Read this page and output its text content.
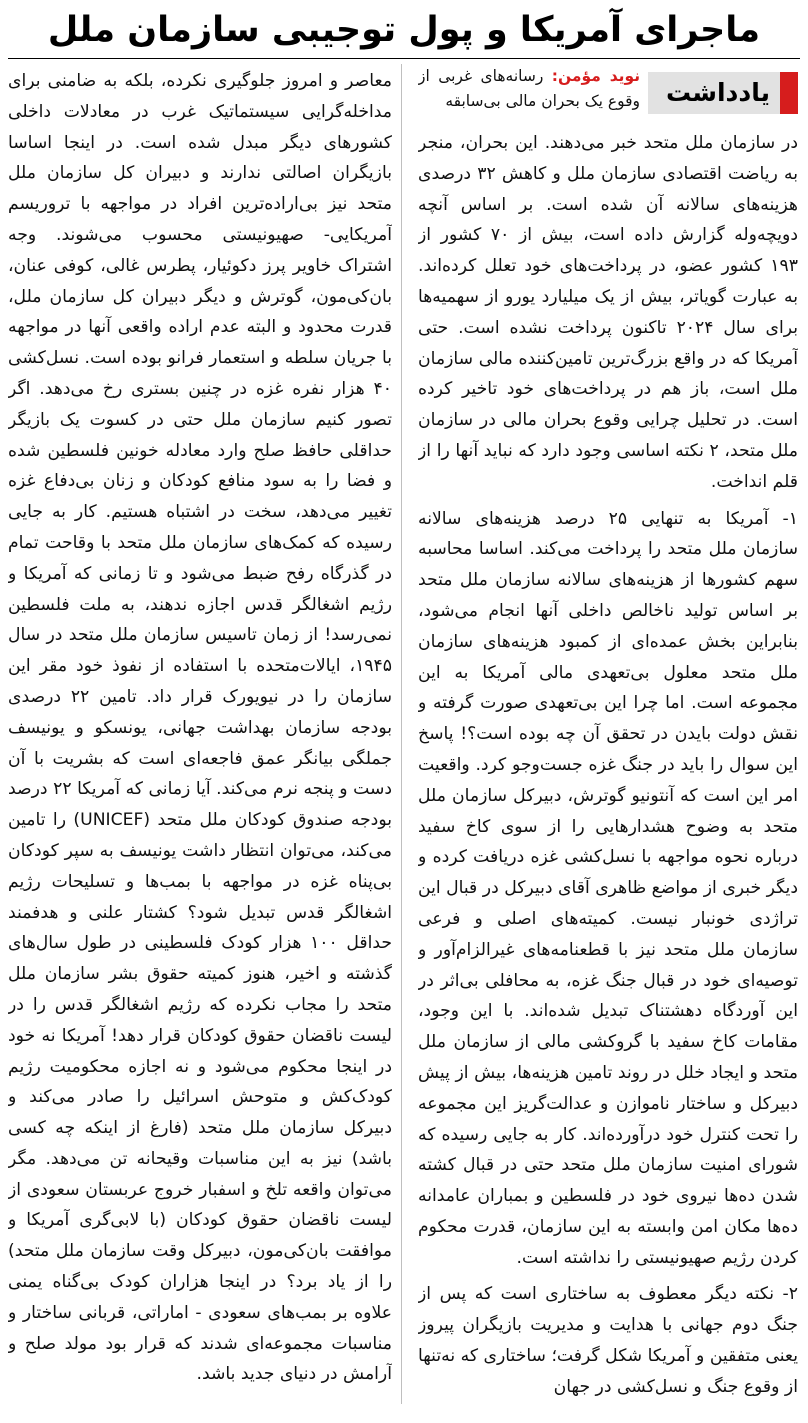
ماجرای آمریکا و پول توجیبی سازمان ملل
یادداشت
نوید مؤمن: رسانه‌های غربی از وقوع یک بحران مالی بی‌سابقه

در سازمان ملل متحد خبر می‌دهند. این بحران، منجر به ریاضت اقتصادی سازمان ملل و کاهش ۳۲ درصدی هزینه‌های سالانه آن شده است. بر اساس آنچه دویچه‌وله گزارش داده است، بیش از ۷۰ کشور از ۱۹۳ کشور عضو، در پرداخت‌های خود تعلل کرده‌اند. به عبارت گویاتر، بیش از یک میلیارد یورو از سهمیه‌ها برای سال ۲۰۲۴ تاکنون پرداخت نشده است. حتی آمریکا که در واقع بزرگ‌ترین تامین‌کننده مالی سازمان ملل است، باز هم در پرداخت‌های خود تاخیر کرده است. در تحلیل چرایی وقوع بحران مالی در سازمان ملل متحد، ۲ نکته اساسی وجود دارد که نباید آنها را از قلم انداخت.

۱- آمریکا به تنهایی ۲۵ درصد هزینه‌های سالانه سازمان ملل متحد را پرداخت می‌کند. اساسا محاسبه سهم کشورها از هزینه‌های سالانه سازمان ملل متحد بر اساس تولید ناخالص داخلی آنها انجام می‌شود، بنابراین بخش عمده‌ای از کمبود هزینه‌های سازمان ملل متحد معلول بی‌تعهدی مالی آمریکا به این مجموعه است. اما چرا این بی‌تعهدی صورت گرفته و نقش دولت بایدن در تحقق آن چه بوده است؟! پاسخ این سوال را باید در جنگ غزه جست‌وجو کرد. واقعیت امر این است که آنتونیو گوترش، دبیرکل سازمان ملل متحد به وضوح هشدارهایی را از سوی کاخ سفید درباره نحوه مواجهه با نسل‌کشی غزه دریافت کرده و دیگر خبری از مواضع ظاهری آقای دبیرکل در قبال این تراژدی خونبار نیست. کمیته‌های اصلی و فرعی سازمان ملل متحد نیز با قطعنامه‌های غیرالزام‌آور و توصیه‌ای خود در قبال جنگ غزه، به محافلی بی‌اثر در این آوردگاه دهشتناک تبدیل شده‌اند. با این وجود، مقامات کاخ سفید با گروکشی مالی از سازمان ملل متحد و ایجاد خلل در روند تامین هزینه‌ها، بیش از پیش دبیرکل و ساختار ناموازن و عدالت‌گریز این مجموعه را تحت کنترل خود درآورده‌اند. کار به جایی رسیده که شورای امنیت سازمان ملل متحد حتی در قبال کشته شدن ده‌ها نیروی خود در فلسطین و بمباران عامدانه ده‌ها مکان امن وابسته به این سازمان، قدرت محکوم کردن رژیم صهیونیستی را نداشته است.

۲- نکته دیگر معطوف به ساختاری است که پس از جنگ دوم جهانی با هدایت و مدیریت بازیگران پیروز یعنی متفقین و آمریکا شکل گرفت؛ ساختاری که نه‌تنها از وقوع جنگ و نسل‌کشی در جهان

معاصر و امروز جلوگیری نکرده، بلکه به ضامنی برای مداخله‌گرایی سیستماتیک غرب در معادلات داخلی کشورهای دیگر مبدل شده است. در اینجا اساسا بازیگران اصالتی ندارند و دبیران کل سازمان ملل متحد نیز بی‌اراده‌ترین افراد در مواجهه با تروریسم آمریکایی- صهیونیستی محسوب می‌شوند. وجه اشتراک خاویر پرز دکوئیار، پطرس غالی، کوفی عنان، بان‌کی‌مون، گوترش و دیگر دبیران کل سازمان ملل، قدرت محدود و البته عدم اراده واقعی آنها در مواجهه با جریان سلطه و استعمار فرانو بوده است. نسل‌کشی ۴۰ هزار نفره غزه در چنین بستری رخ می‌دهد. اگر تصور کنیم سازمان ملل حتی در کسوت یک بازیگر حداقلی حافظ صلح وارد معادله خونین فلسطین شده و فضا را به سود منافع کودکان و زنان بی‌دفاع غزه تغییر می‌دهد، سخت در اشتباه هستیم. کار به جایی رسیده که کمک‌های سازمان ملل متحد با وقاحت تمام در گذرگاه رفح ضبط می‌شود و تا زمانی که آمریکا و رژیم اشغالگر قدس اجازه ندهند، به ملت فلسطین نمی‌رسد! از زمان تاسیس سازمان ملل متحد در سال ۱۹۴۵، ایالات‌متحده با استفاده از نفوذ خود مقر این سازمان را در نیویورک قرار داد. تامین ۲۲ درصدی بودجه سازمان بهداشت جهانی، یونسکو و یونیسف جملگی بیانگر عمق فاجعه‌ای است که بشریت با آن دست و پنجه نرم می‌کند. آیا زمانی که آمریکا ۲۲ درصد بودجه صندوق کودکان ملل متحد (UNICEF) را تامین می‌کند، می‌توان انتظار داشت یونیسف به سپر کودکان بی‌پناه غزه در مواجهه با بمب‌ها و تسلیحات رژیم اشغالگر قدس تبدیل شود؟ کشتار علنی و هدفمند حداقل ۱۰۰ هزار کودک فلسطینی در طول سال‌های گذشته و اخیر، هنوز کمیته حقوق بشر سازمان ملل متحد را مجاب نکرده که رژیم اشغالگر قدس را در لیست ناقضان حقوق کودکان قرار دهد! آمریکا نه خود در اینجا محکوم می‌شود و نه اجازه محکومیت رژیم کودک‌کش و متوحش اسرائیل را صادر می‌کند و دبیرکل سازمان ملل متحد (فارغ از اینکه چه کسی باشد) نیز به این مناسبات وقیحانه تن می‌دهد. مگر می‌توان واقعه تلخ و اسفبار خروج عربستان سعودی از لیست ناقضان حقوق کودکان (با لابی‌گری آمریکا و موافقت بان‌کی‌مون، دبیرکل وقت سازمان ملل متحد) را از یاد برد؟ در اینجا هزاران کودک بی‌گناه یمنی علاوه بر بمب‌های سعودی - اماراتی، قربانی ساختار و مناسبات مجموعه‌ای شدند که قرار بود مولد صلح و آرامش در دنیای جدید باشد.
